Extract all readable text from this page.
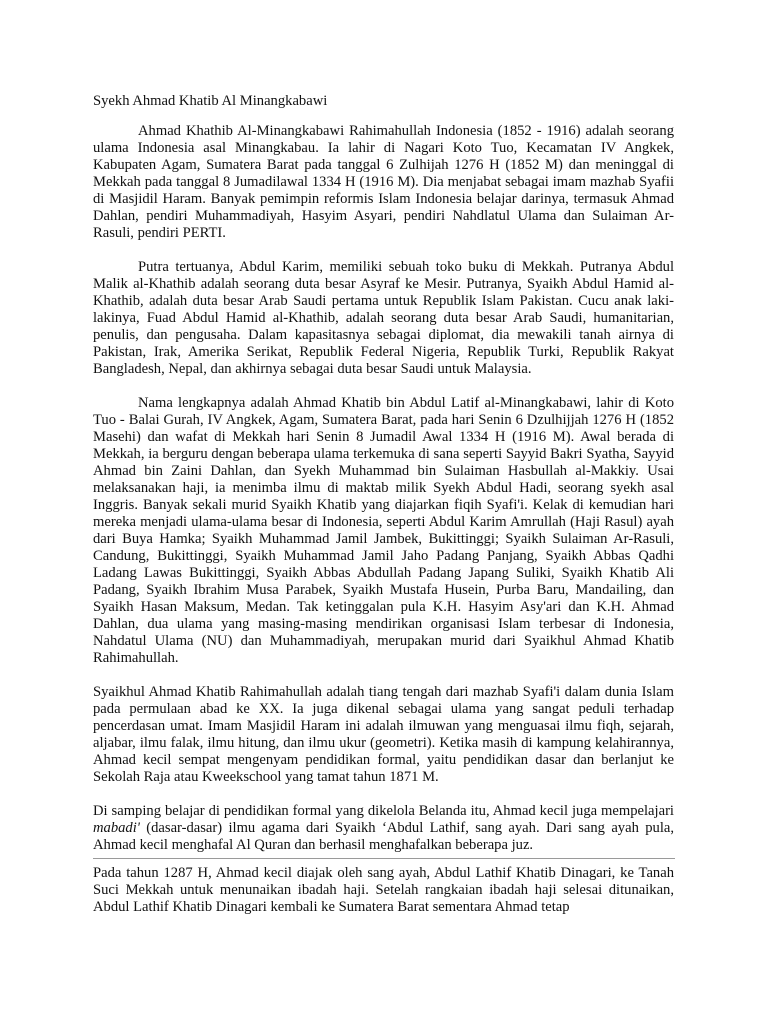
Syekh Ahmad Khatib Al Minangkabawi

Ahmad Khathib Al-Minangkabawi Rahimahullah Indonesia (1852 - 1916) adalah seorang ulama Indonesia asal Minangkabau. Ia lahir di Nagari Koto Tuo, Kecamatan IV Angkek, Kabupaten Agam, Sumatera Barat pada tanggal 6 Zulhijah 1276 H (1852 M) dan meninggal di Mekkah pada tanggal 8 Jumadilawal 1334 H (1916 M). Dia menjabat sebagai imam mazhab Syafii di Masjidil Haram. Banyak pemimpin reformis Islam Indonesia belajar darinya, termasuk Ahmad Dahlan, pendiri Muhammadiyah, Hasyim Asyari, pendiri Nahdlatul Ulama dan Sulaiman Ar-Rasuli, pendiri PERTI.

Putra tertuanya, Abdul Karim, memiliki sebuah toko buku di Mekkah. Putranya Abdul Malik al-Khathib adalah seorang duta besar Asyraf ke Mesir. Putranya, Syaikh Abdul Hamid al-Khathib, adalah duta besar Arab Saudi pertama untuk Republik Islam Pakistan. Cucu anak laki-lakinya, Fuad Abdul Hamid al-Khathib, adalah seorang duta besar Arab Saudi, humanitarian, penulis, dan pengusaha. Dalam kapasitasnya sebagai diplomat, dia mewakili tanah airnya di Pakistan, Irak, Amerika Serikat, Republik Federal Nigeria, Republik Turki, Republik Rakyat Bangladesh, Nepal, dan akhirnya sebagai duta besar Saudi untuk Malaysia.

Nama lengkapnya adalah Ahmad Khatib bin Abdul Latif al-Minangkabawi, lahir di Koto Tuo - Balai Gurah, IV Angkek, Agam, Sumatera Barat, pada hari Senin 6 Dzulhijjah 1276 H (1852 Masehi) dan wafat di Mekkah hari Senin 8 Jumadil Awal 1334 H (1916 M). Awal berada di Mekkah, ia berguru dengan beberapa ulama terkemuka di sana seperti Sayyid Bakri Syatha, Sayyid Ahmad bin Zaini Dahlan, dan Syekh Muhammad bin Sulaiman Hasbullah al-Makkiy. Usai melaksanakan haji, ia menimba ilmu di maktab milik Syekh Abdul Hadi, seorang syekh asal Inggris. Banyak sekali murid Syaikh Khatib yang diajarkan fiqih Syafi'i. Kelak di kemudian hari mereka menjadi ulama-ulama besar di Indonesia, seperti Abdul Karim Amrullah (Haji Rasul) ayah dari Buya Hamka; Syaikh Muhammad Jamil Jambek, Bukittinggi; Syaikh Sulaiman Ar-Rasuli, Candung, Bukittinggi, Syaikh Muhammad Jamil Jaho Padang Panjang, Syaikh Abbas Qadhi Ladang Lawas Bukittinggi, Syaikh Abbas Abdullah Padang Japang Suliki, Syaikh Khatib Ali Padang, Syaikh Ibrahim Musa Parabek, Syaikh Mustafa Husein, Purba Baru, Mandailing, dan Syaikh Hasan Maksum, Medan. Tak ketinggalan pula K.H. Hasyim Asy'ari dan K.H. Ahmad Dahlan, dua ulama yang masing-masing mendirikan organisasi Islam terbesar di Indonesia, Nahdatul Ulama (NU) dan Muhammadiyah, merupakan murid dari Syaikhul Ahmad Khatib Rahimahullah.

Syaikhul Ahmad Khatib Rahimahullah adalah tiang tengah dari mazhab Syafi'i dalam dunia Islam pada permulaan abad ke XX. Ia juga dikenal sebagai ulama yang sangat peduli terhadap pencerdasan umat. Imam Masjidil Haram ini adalah ilmuwan yang menguasai ilmu fiqh, sejarah, aljabar, ilmu falak, ilmu hitung, dan ilmu ukur (geometri). Ketika masih di kampung kelahirannya, Ahmad kecil sempat mengenyam pendidikan formal, yaitu pendidikan dasar dan berlanjut ke Sekolah Raja atau Kweekschool yang tamat tahun 1871 M.

Di samping belajar di pendidikan formal yang dikelola Belanda itu, Ahmad kecil juga mempelajari mabadi' (dasar-dasar) ilmu agama dari Syaikh ‘Abdul Lathif, sang ayah. Dari sang ayah pula, Ahmad kecil menghafal Al Quran dan berhasil menghafalkan beberapa juz.

Pada tahun 1287 H, Ahmad kecil diajak oleh sang ayah, Abdul Lathif Khatib Dinagari, ke Tanah Suci Mekkah untuk menunaikan ibadah haji. Setelah rangkaian ibadah haji selesai ditunaikan, Abdul Lathif Khatib Dinagari kembali ke Sumatera Barat sementara Ahmad tetap
